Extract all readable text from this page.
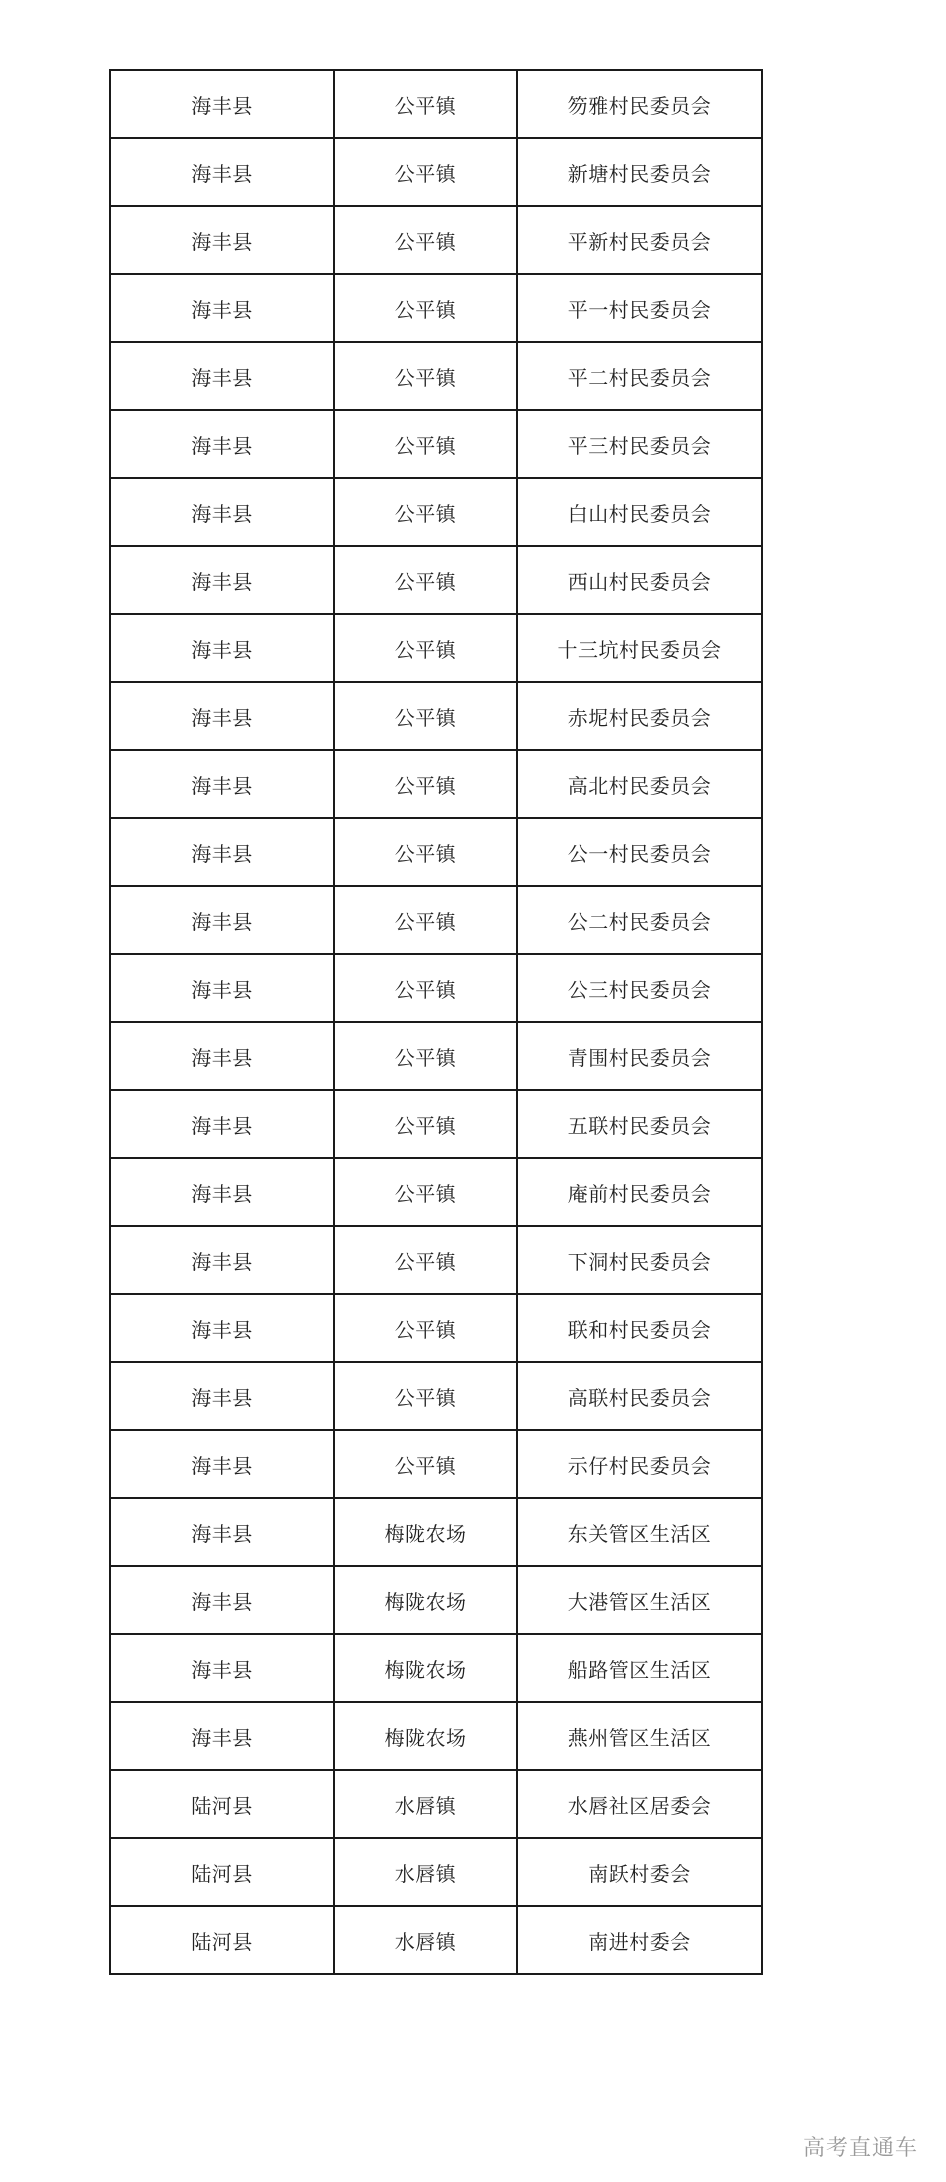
海丰县	公平镇	笏雅村民委员会
海丰县	公平镇	新塘村民委员会
海丰县	公平镇	平新村民委员会
海丰县	公平镇	平一村民委员会
海丰县	公平镇	平二村民委员会
海丰县	公平镇	平三村民委员会
海丰县	公平镇	白山村民委员会
海丰县	公平镇	西山村民委员会
海丰县	公平镇	十三坑村民委员会
海丰县	公平镇	赤坭村民委员会
海丰县	公平镇	高北村民委员会
海丰县	公平镇	公一村民委员会
海丰县	公平镇	公二村民委员会
海丰县	公平镇	公三村民委员会
海丰县	公平镇	青围村民委员会
海丰县	公平镇	五联村民委员会
海丰县	公平镇	庵前村民委员会
海丰县	公平镇	下洞村民委员会
海丰县	公平镇	联和村民委员会
海丰县	公平镇	高联村民委员会
海丰县	公平镇	示仔村民委员会
海丰县	梅陇农场	东关管区生活区
海丰县	梅陇农场	大港管区生活区
海丰县	梅陇农场	船路管区生活区
海丰县	梅陇农场	燕州管区生活区
陆河县	水唇镇	水唇社区居委会
陆河县	水唇镇	南跃村委会
陆河县	水唇镇	南进村委会
高考直通车
